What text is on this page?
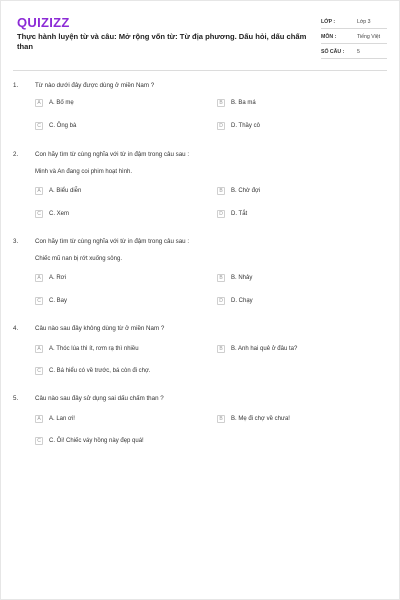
QUIZIZZ
Thực hành luyện từ và câu: Mở rộng vốn từ: Từ địa phương. Dấu hỏi, dấu chấm than
LỚP :	Lớp 3
MÔN :	Tiếng Việt
SỐ CÂU :	5
1.	Từ nào dưới đây được dùng ở miền Nam ?
A	A. Bố mẹ	B	B. Ba má
C	C. Ông bà	D	D. Thầy cô
2.	Con hãy tìm từ cùng nghĩa với từ in đậm trong câu sau :
Minh và An đang coi phim hoạt hình.
A	A. Biểu diễn	B	B. Chờ đợi
C	C. Xem	D	D. Tắt
3.	Con hãy tìm từ cùng nghĩa với từ in đậm trong câu sau :
Chiếc mũ nan bị rớt xuống sông.
A	A. Rơi	B	B. Nhảy
C	C. Bay	D	D. Chạy
4.	Câu nào sau đây không dùng từ ở miền Nam ?
A	A. Thóc lúa thì ít, rơm rạ thì nhiều	B	B. Anh hai quê ở đâu ta?
C	C. Bá hiểu có về trước, bá còn đi chợ.
5.	Câu nào sau đây sử dụng sai dấu chấm than ?
A	A. Lan ơi!	B	B. Mẹ đi chợ về chưa!
C	C. Ôi! Chiếc váy hồng này đẹp quá!
